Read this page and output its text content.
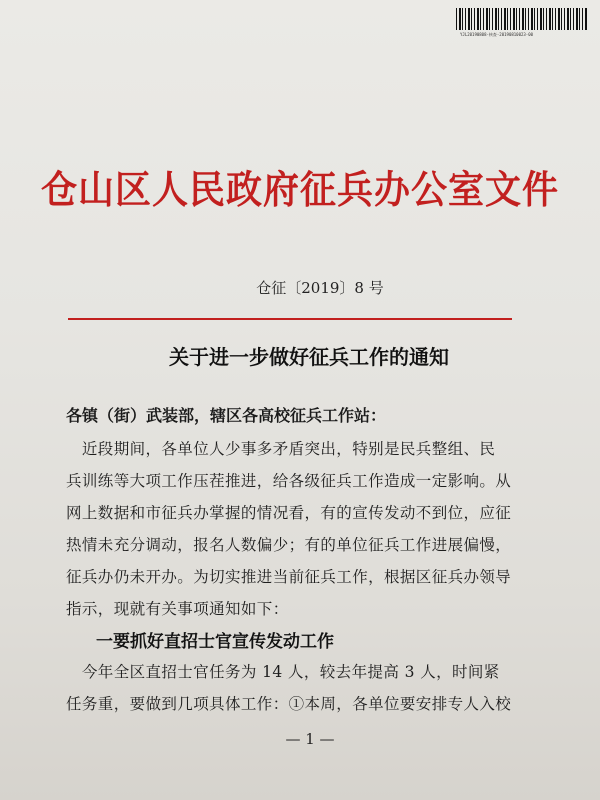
YJL20190808-核查-20190810023-00
仓山区人民政府征兵办公室文件
仓征〔2019〕8 号
关于进一步做好征兵工作的通知
各镇（街）武装部，辖区各高校征兵工作站：
　近段期间，各单位人少事多矛盾突出，特别是民兵整组、民
兵训练等大项工作压茬推进，给各级征兵工作造成一定影响。从
网上数据和市征兵办掌握的情况看，有的宣传发动不到位，应征
热情未充分调动，报名人数偏少；有的单位征兵工作进展偏慢，
征兵办仍未开办。为切实推进当前征兵工作，根据区征兵办领导
指示，现就有关事项通知如下：
一要抓好直招士官宣传发动工作
　今年全区直招士官任务为 14 人，较去年提高 3 人，时间紧
任务重，要做到几项具体工作：①本周，各单位要安排专人入校
— 1 —
